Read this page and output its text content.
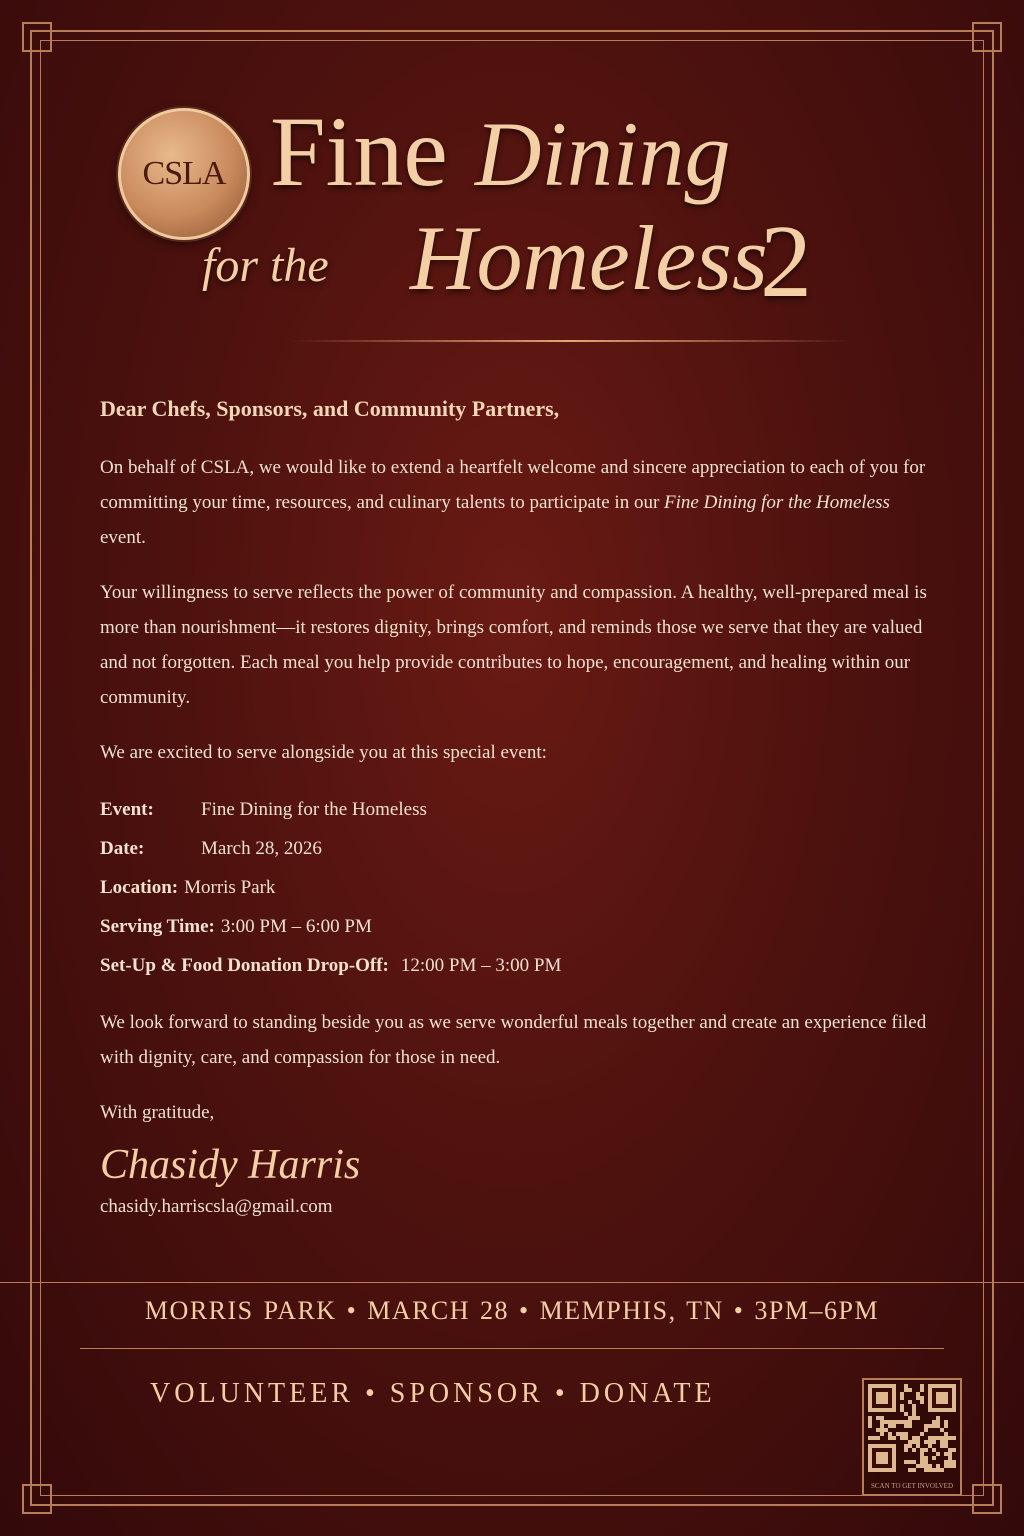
CSLA Fine Dining
for the Homeless
2

Dear Chefs, Sponsors, and Community Partners,

On behalf of CSLA, we would like to extend a heartfelt welcome and sincere appreciation to each of you for committing your time, resources, and culinary talents to participate in our Fine Dining for the Homeless event.

Your willingness to serve reflects the power of community and compassion. A healthy, well-prepared meal is more than nourishment—it restores dignity, brings comfort, and reminds those we serve that they are valued and not forgotten. Each meal you help provide contributes to hope, encouragement, and healing within our community.

We are excited to serve alongside you at this special event:

Event:	Fine Dining for the Homeless
Date:	March 28, 2026
Location: Morris Park
Serving Time: 3:00 PM – 6:00 PM
Set-Up & Food Donation Drop-Off: 12:00 PM – 3:00 PM

We look forward to standing beside you as we serve wonderful meals together and create an experience filed with dignity, care, and compassion for those in need.

With gratitude,

Chasidy Harris

chasidy.harriscsla@gmail.com

MORRIS PARK • MARCH 28 • MEMPHIS, TN • 3PM–6PM
VOLUNTEER • SPONSOR • DONATE
SCAN TO GET INVOLVED
